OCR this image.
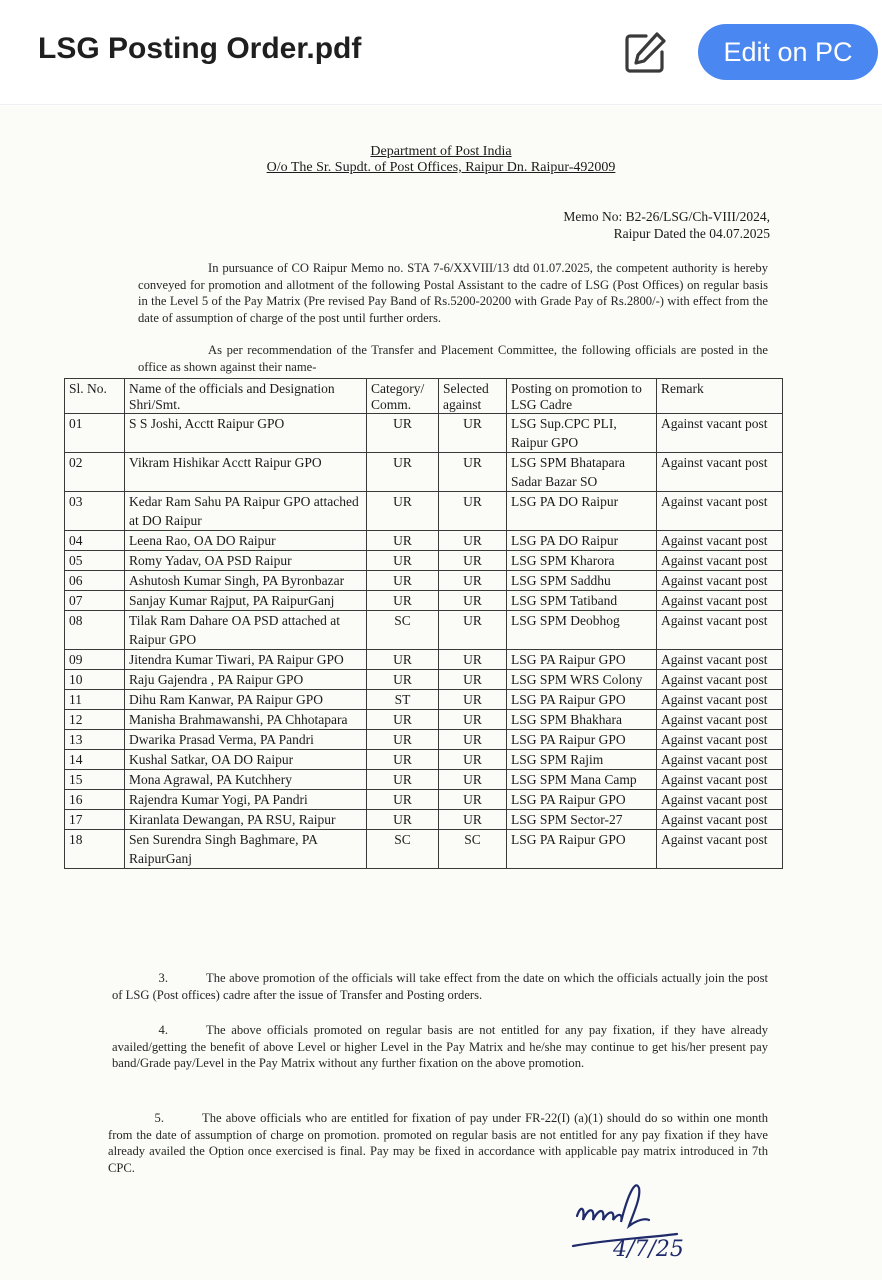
LSG Posting Order.pdf	Edit on PC
Department of Post India
O/o The Sr. Supdt. of Post Offices, Raipur Dn. Raipur-492009
Memo No: B2-26/LSG/Ch-VIII/2024,
Raipur Dated the 04.07.2025
In pursuance of CO Raipur Memo no. STA 7-6/XXVIII/13 dtd 01.07.2025, the competent authority is hereby conveyed for promotion and allotment of the following Postal Assistant to the cadre of LSG (Post Offices) on regular basis in the Level 5 of the Pay Matrix (Pre revised Pay Band of Rs.5200-20200 with Grade Pay of Rs.2800/-) with effect from the date of assumption of charge of the post until further orders.
As per recommendation of the Transfer and Placement Committee, the following officials are posted in the office as shown against their name-
Sl. No.	Name of the officials and Designation Shri/Smt.	Category/ Comm.	Selected against	Posting on promotion to LSG Cadre	Remark
01	S S Joshi, Acctt Raipur GPO	UR	UR	LSG Sup.CPC PLI, Raipur GPO	Against vacant post
02	Vikram Hishikar Acctt Raipur GPO	UR	UR	LSG SPM Bhatapara Sadar Bazar SO	Against vacant post
03	Kedar Ram Sahu PA Raipur GPO attached at DO Raipur	UR	UR	LSG PA DO Raipur	Against vacant post
04	Leena Rao, OA DO Raipur	UR	UR	LSG PA DO Raipur	Against vacant post
05	Romy Yadav, OA PSD Raipur	UR	UR	LSG SPM Kharora	Against vacant post
06	Ashutosh Kumar Singh, PA Byronbazar	UR	UR	LSG SPM Saddhu	Against vacant post
07	Sanjay Kumar Rajput, PA RaipurGanj	UR	UR	LSG SPM Tatiband	Against vacant post
08	Tilak Ram Dahare OA PSD attached at Raipur GPO	SC	UR	LSG SPM Deobhog	Against vacant post
09	Jitendra Kumar Tiwari, PA Raipur GPO	UR	UR	LSG PA Raipur GPO	Against vacant post
10	Raju Gajendra , PA Raipur GPO	UR	UR	LSG SPM WRS Colony	Against vacant post
11	Dihu Ram Kanwar, PA Raipur GPO	ST	UR	LSG PA Raipur GPO	Against vacant post
12	Manisha Brahmawanshi, PA Chhotapara	UR	UR	LSG SPM Bhakhara	Against vacant post
13	Dwarika Prasad Verma, PA Pandri	UR	UR	LSG PA Raipur GPO	Against vacant post
14	Kushal Satkar, OA DO Raipur	UR	UR	LSG SPM Rajim	Against vacant post
15	Mona Agrawal, PA Kutchhery	UR	UR	LSG SPM Mana Camp	Against vacant post
16	Rajendra Kumar Yogi, PA Pandri	UR	UR	LSG PA Raipur GPO	Against vacant post
17	Kiranlata Dewangan, PA RSU, Raipur	UR	UR	LSG SPM Sector-27	Against vacant post
18	Sen Surendra Singh Baghmare, PA RaipurGanj	SC	SC	LSG PA Raipur GPO	Against vacant post
3.	The above promotion of the officials will take effect from the date on which the officials actually join the post of LSG (Post offices) cadre after the issue of Transfer and Posting orders.
4.	The above officials promoted on regular basis are not entitled for any pay fixation, if they have already availed/getting the benefit of above Level or higher Level in the Pay Matrix and he/she may continue to get his/her present pay band/Grade pay/Level in the Pay Matrix without any further fixation on the above promotion.
5.	The above officials who are entitled for fixation of pay under FR-22(I) (a)(1) should do so within one month from the date of assumption of charge on promotion. promoted on regular basis are not entitled for any pay fixation if they have already availed the Option once exercised is final. Pay may be fixed in accordance with applicable pay matrix introduced in 7th CPC.
4/7/25
